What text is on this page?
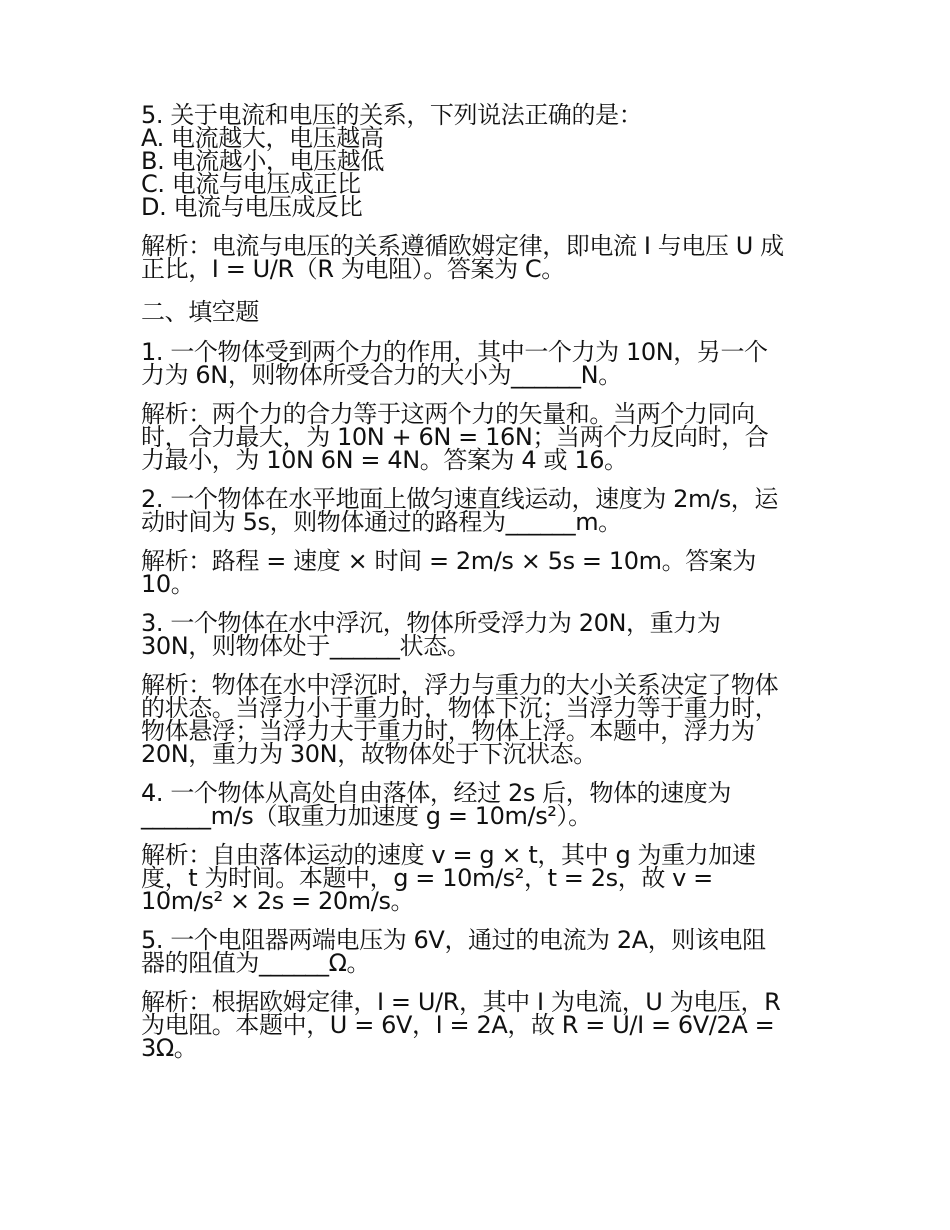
5. 关于电流和电压的关系，下列说法正确的是：
A. 电流越大，电压越高
B. 电流越小，电压越低
C. 电流与电压成正比
D. 电流与电压成反比
解析：电流与电压的关系遵循欧姆定律，即电流 I 与电压 U 成
正比，I = U/R（R 为电阻）。答案为 C。
二、填空题
1. 一个物体受到两个力的作用，其中一个力为 10N，另一个
力为 6N，则物体所受合力的大小为______N。
解析：两个力的合力等于这两个力的矢量和。当两个力同向
时，合力最大，为 10N + 6N = 16N；当两个力反向时，合
力最小，为 10N 6N = 4N。答案为 4 或 16。
2. 一个物体在水平地面上做匀速直线运动，速度为 2m/s，运
动时间为 5s，则物体通过的路程为______m。
解析：路程 = 速度 × 时间 = 2m/s × 5s = 10m。答案为
10。
3. 一个物体在水中浮沉，物体所受浮力为 20N，重力为
30N，则物体处于______状态。
解析：物体在水中浮沉时，浮力与重力的大小关系决定了物体
的状态。当浮力小于重力时，物体下沉；当浮力等于重力时，
物体悬浮；当浮力大于重力时，物体上浮。本题中，浮力为
20N，重力为 30N，故物体处于下沉状态。
4. 一个物体从高处自由落体，经过 2s 后，物体的速度为
______m/s（取重力加速度 g = 10m/s²）。
解析：自由落体运动的速度 v = g × t，其中 g 为重力加速
度，t 为时间。本题中，g = 10m/s²，t = 2s，故 v =
10m/s² × 2s = 20m/s。
5. 一个电阻器两端电压为 6V，通过的电流为 2A，则该电阻
器的阻值为______Ω。
解析：根据欧姆定律，I = U/R，其中 I 为电流，U 为电压，R
为电阻。本题中，U = 6V，I = 2A，故 R = U/I = 6V/2A =
3Ω。
